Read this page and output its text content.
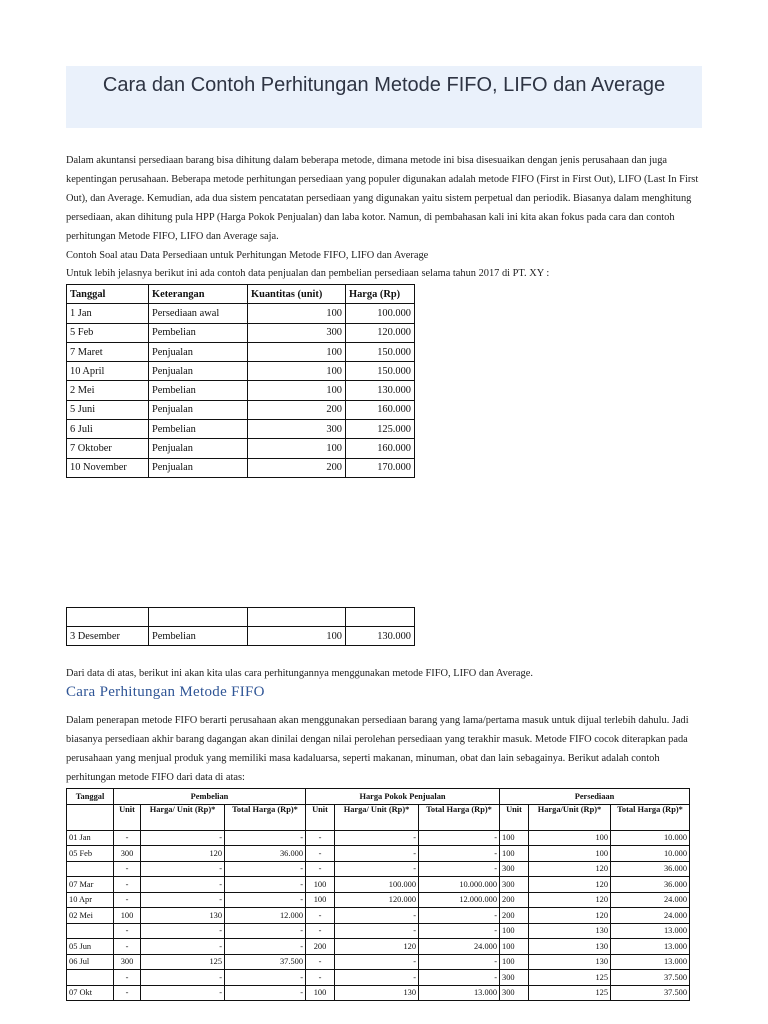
Cara dan Contoh Perhitungan Metode FIFO, LIFO dan Average
Dalam akuntansi persediaan barang bisa dihitung dalam beberapa metode, dimana metode ini bisa disesuaikan dengan jenis perusahaan dan juga kepentingan perusahaan. Beberapa metode perhitungan persediaan yang populer digunakan adalah metode FIFO (First in First Out), LIFO (Last In First Out), dan Average. Kemudian, ada dua sistem pencatatan persediaan yang digunakan yaitu sistem perpetual dan periodik. Biasanya dalam menghitung persediaan, akan dihitung pula HPP (Harga Pokok Penjualan) dan laba kotor. Namun, di pembahasan kali ini kita akan fokus pada cara dan contoh perhitungan Metode FIFO, LIFO dan Average saja.
Contoh Soal atau Data Persediaan untuk Perhitungan Metode FIFO, LIFO dan Average
Untuk lebih jelasnya berikut ini ada contoh data penjualan dan pembelian persediaan selama tahun 2017 di PT. XY :
Tanggal	Keterangan	Kuantitas (unit)	Harga (Rp)
1 Jan	Persediaan awal	100	100.000
5 Feb	Pembelian	300	120.000
7 Maret	Penjualan	100	150.000
10 April	Penjualan	100	150.000
2 Mei	Pembelian	100	130.000
5 Juni	Penjualan	200	160.000
6 Juli	Pembelian	300	125.000
7 Oktober	Penjualan	100	160.000
10 November	Penjualan	200	170.000

3 Desember	Pembelian	100	130.000
Dari data di atas, berikut ini akan kita ulas cara perhitungannya menggunakan metode FIFO, LIFO dan Average.
Cara Perhitungan Metode FIFO
Dalam penerapan metode FIFO berarti perusahaan akan menggunakan persediaan barang yang lama/pertama masuk untuk dijual terlebih dahulu. Jadi biasanya persediaan akhir barang dagangan akan dinilai dengan nilai perolehan persediaan yang terakhir masuk. Metode FIFO cocok diterapkan pada perusahaan yang menjual produk yang memiliki masa kadaluarsa, seperti makanan, minuman, obat dan lain sebagainya. Berikut adalah contoh perhitungan metode FIFO dari data di atas:
Tanggal	Pembelian			Harga Pokok Penjualan			Persediaan		
	Unit	Harga/ Unit (Rp)*	Total Harga (Rp)*	Unit	Harga/ Unit (Rp)*	Total Harga (Rp)*	Unit	Harga/Unit (Rp)*	Total Harga (Rp)*
01 Jan	-	-	-	-	-	-	100	100	10.000
05 Feb	300	120	36.000	-	-	-	100	100	10.000
	-	-	-	-	-	-	300	120	36.000
07 Mar	-	-	-	100	100.000	10.000.000	300	120	36.000
10 Apr	-	-	-	100	120.000	12.000.000	200	120	24.000
02 Mei	100	130	12.000	-	-	-	200	120	24.000
	-	-	-	-	-	-	100	130	13.000
05 Jun	-	-	-	200	120	24.000	100	130	13.000
06 Jul	300	125	37.500	-	-	-	100	130	13.000
	-	-	-	-	-	-	300	125	37.500
07 Okt	-	-	-	100	130	13.000	300	125	37.500
